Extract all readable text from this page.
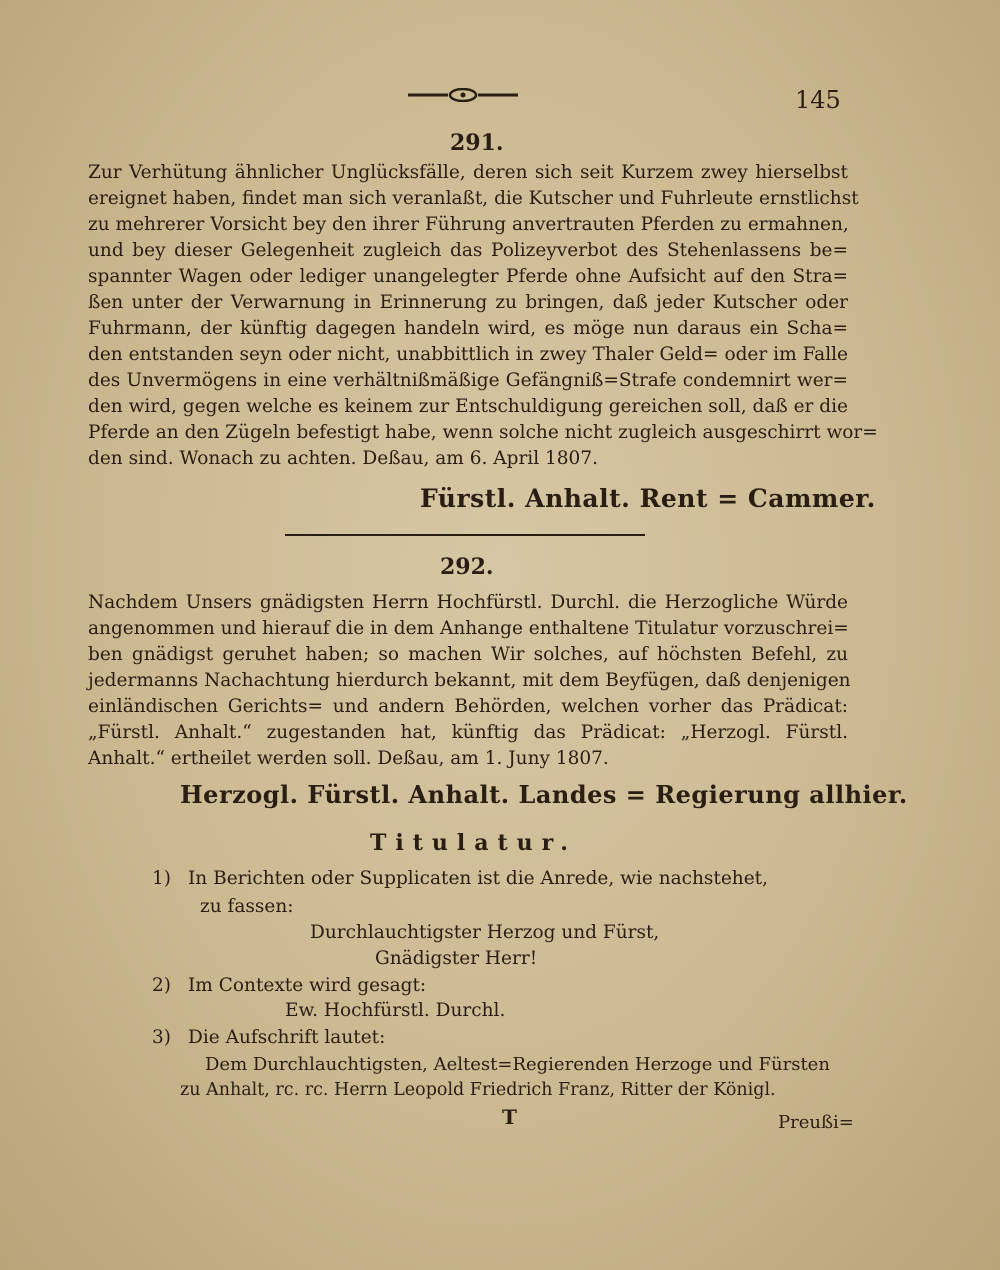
145
291.
Zur Verhütung ähnlicher Unglücksfälle, deren sich seit Kurzem zwey hierselbst
ereignet haben, findet man sich veranlaßt, die Kutscher und Fuhrleute ernstlichst
zu mehrerer Vorsicht bey den ihrer Führung anvertrauten Pferden zu ermahnen,
und bey dieser Gelegenheit zugleich das Polizeyverbot des Stehenlassens be=
spannter Wagen oder lediger unangelegter Pferde ohne Aufsicht auf den Stra=
ßen unter der Verwarnung in Erinnerung zu bringen, daß jeder Kutscher oder
Fuhrmann, der künftig dagegen handeln wird, es möge nun daraus ein Scha=
den entstanden seyn oder nicht, unabbittlich in zwey Thaler Geld= oder im Falle
des Unvermögens in eine verhältnißmäßige Gefängniß=Strafe condemnirt wer=
den wird, gegen welche es keinem zur Entschuldigung gereichen soll, daß er die
Pferde an den Zügeln befestigt habe, wenn solche nicht zugleich ausgeschirrt wor=
den sind. Wonach zu achten. Deßau, am 6. April 1807.
Fürstl. Anhalt. Rent = Cammer.
292.
Nachdem Unsers gnädigsten Herrn Hochfürstl. Durchl. die Herzogliche Würde
angenommen und hierauf die in dem Anhange enthaltene Titulatur vorzuschrei=
ben gnädigst geruhet haben; so machen Wir solches, auf höchsten Befehl, zu
jedermanns Nachachtung hierdurch bekannt, mit dem Beyfügen, daß denjenigen
einländischen Gerichts= und andern Behörden, welchen vorher das Prädicat:
„Fürstl. Anhalt.“ zugestanden hat, künftig das Prädicat: „Herzogl. Fürstl.
Anhalt.“ ertheilet werden soll. Deßau, am 1. Juny 1807.
Herzogl. Fürstl. Anhalt. Landes = Regierung allhier.
Titulatur.
1) In Berichten oder Supplicaten ist die Anrede, wie nachstehet,
zu fassen:
Durchlauchtigster Herzog und Fürst,
Gnädigster Herr!
2) Im Contexte wird gesagt:
Ew. Hochfürstl. Durchl.
3) Die Aufschrift lautet:
Dem Durchlauchtigsten, Aeltest=Regierenden Herzoge und Fürsten
zu Anhalt, rc. rc. Herrn Leopold Friedrich Franz, Ritter der Königl.
T	Preußi=
